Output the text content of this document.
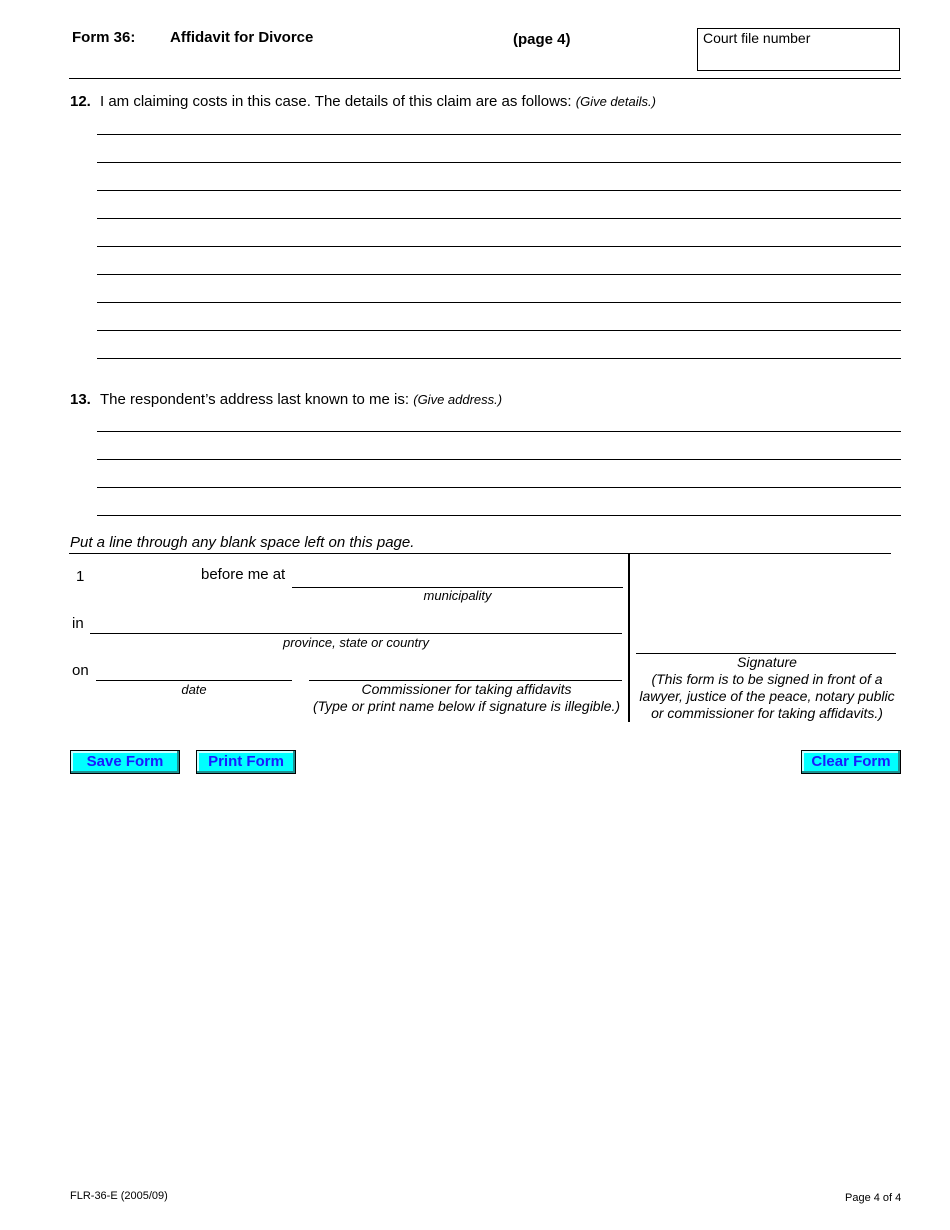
Form 36: Affidavit for Divorce	(page 4)	Court file number
12. I am claiming costs in this case. The details of this claim are as follows: (Give details.)
13. The respondent’s address last known to me is: (Give address.)
Put a line through any blank space left on this page.
1	before me at
municipality
in
province, state or country
on
date	Commissioner for taking affidavits
(Type or print name below if signature is illegible.)
Signature
(This form is to be signed in front of a
lawyer, justice of the peace, notary public
or commissioner for taking affidavits.)
Save Form	Print Form	Clear Form
FLR-36-E (2005/09)	Page 4 of 4
